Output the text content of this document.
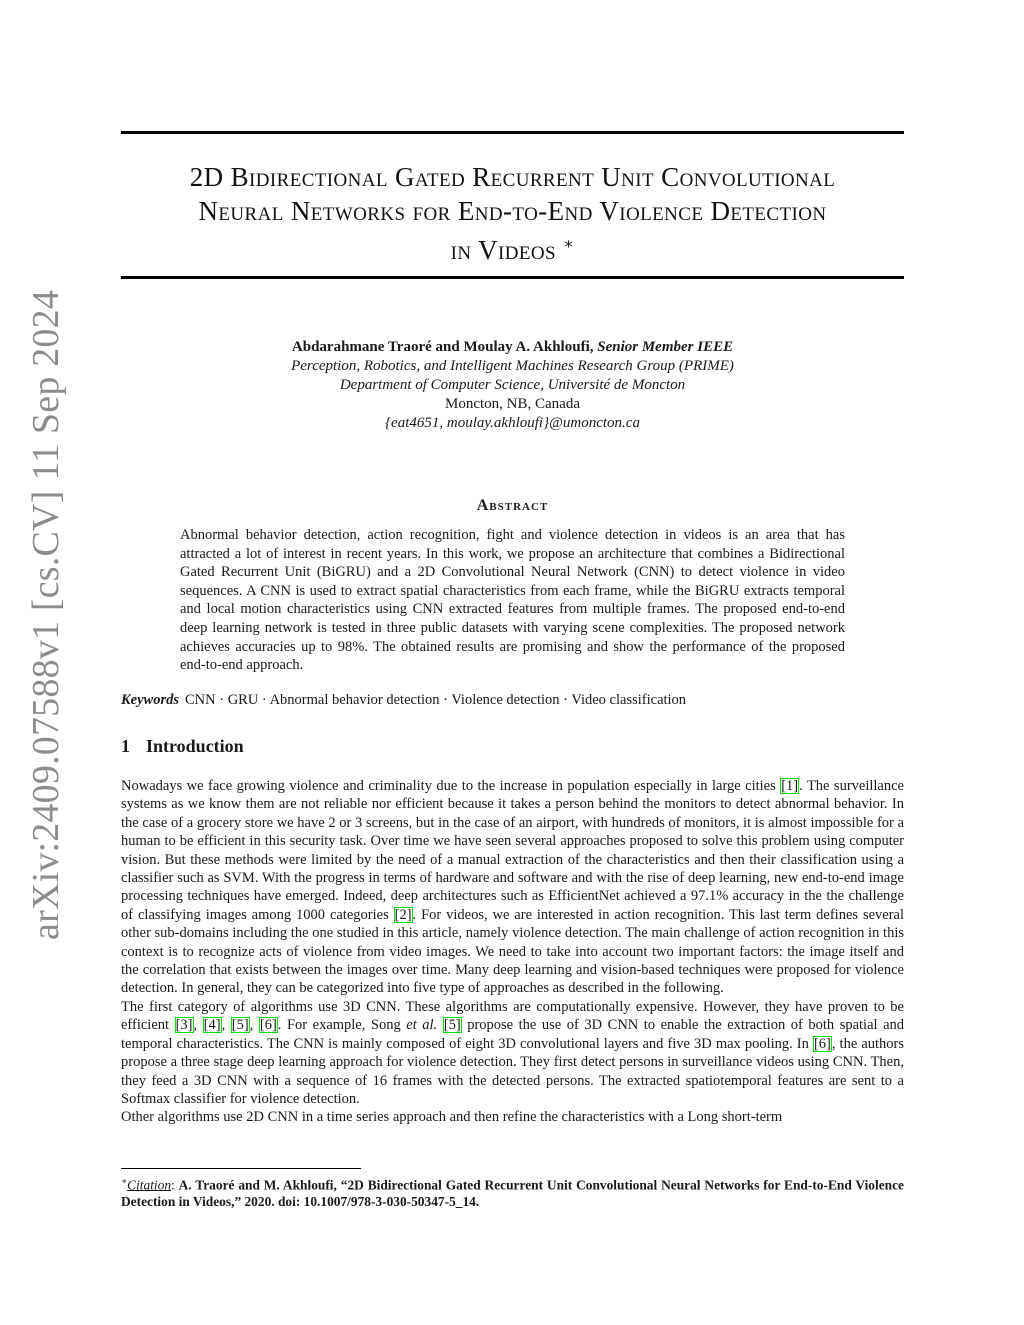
arXiv:2409.07588v1 [cs.CV] 11 Sep 2024
2D Bidirectional Gated Recurrent Unit Convolutional
Neural Networks for End-to-End Violence Detection
in Videos ∗
Abdarahmane Traoré and Moulay A. Akhloufi, Senior Member IEEE
Perception, Robotics, and Intelligent Machines Research Group (PRIME)
Department of Computer Science, Université de Moncton
Moncton, NB, Canada
{eat4651, moulay.akhloufi}@umoncton.ca
Abstract
Abnormal behavior detection, action recognition, fight and violence detection in videos is an area that has attracted a lot of interest in recent years. In this work, we propose an architecture that combines a Bidirectional Gated Recurrent Unit (BiGRU) and a 2D Convolutional Neural Network (CNN) to detect violence in video sequences. A CNN is used to extract spatial characteristics from each frame, while the BiGRU extracts temporal and local motion characteristics using CNN extracted features from multiple frames. The proposed end-to-end deep learning network is tested in three public datasets with varying scene complexities. The proposed network achieves accuracies up to 98%. The obtained results are promising and show the performance of the proposed end-to-end approach.
Keywords CNN · GRU · Abnormal behavior detection · Violence detection · Video classification
1 Introduction

Nowadays we face growing violence and criminality due to the increase in population especially in large cities [1]. The surveillance systems as we know them are not reliable nor efficient because it takes a person behind the monitors to detect abnormal behavior. In the case of a grocery store we have 2 or 3 screens, but in the case of an airport, with hundreds of monitors, it is almost impossible for a human to be efficient in this security task. Over time we have seen several approaches proposed to solve this problem using computer vision. But these methods were limited by the need of a manual extraction of the characteristics and then their classification using a classifier such as SVM. With the progress in terms of hardware and software and with the rise of deep learning, new end-to-end image processing techniques have emerged. Indeed, deep architectures such as EfficientNet achieved a 97.1% accuracy in the the challenge of classifying images among 1000 categories [2]. For videos, we are interested in action recognition. This last term defines several other sub-domains including the one studied in this article, namely violence detection. The main challenge of action recognition in this context is to recognize acts of violence from video images. We need to take into account two important factors: the image itself and the correlation that exists between the images over time. Many deep learning and vision-based techniques were proposed for violence detection. In general, they can be categorized into five type of approaches as described in the following.

The first category of algorithms use 3D CNN. These algorithms are computationally expensive. However, they have proven to be efficient [3], [4], [5], [6]. For example, Song et al. [5] propose the use of 3D CNN to enable the extraction of both spatial and temporal characteristics. The CNN is mainly composed of eight 3D convolutional layers and five 3D max pooling. In [6], the authors propose a three stage deep learning approach for violence detection. They first detect persons in surveillance videos using CNN. Then, they feed a 3D CNN with a sequence of 16 frames with the detected persons. The extracted spatiotemporal features are sent to a Softmax classifier for violence detection.

Other algorithms use 2D CNN in a time series approach and then refine the characteristics with a Long short-term

∗Citation: A. Traoré and M. Akhloufi, “2D Bidirectional Gated Recurrent Unit Convolutional Neural Networks for End-to-End Violence Detection in Videos,” 2020. doi: 10.1007/978-3-030-50347-5_14.
